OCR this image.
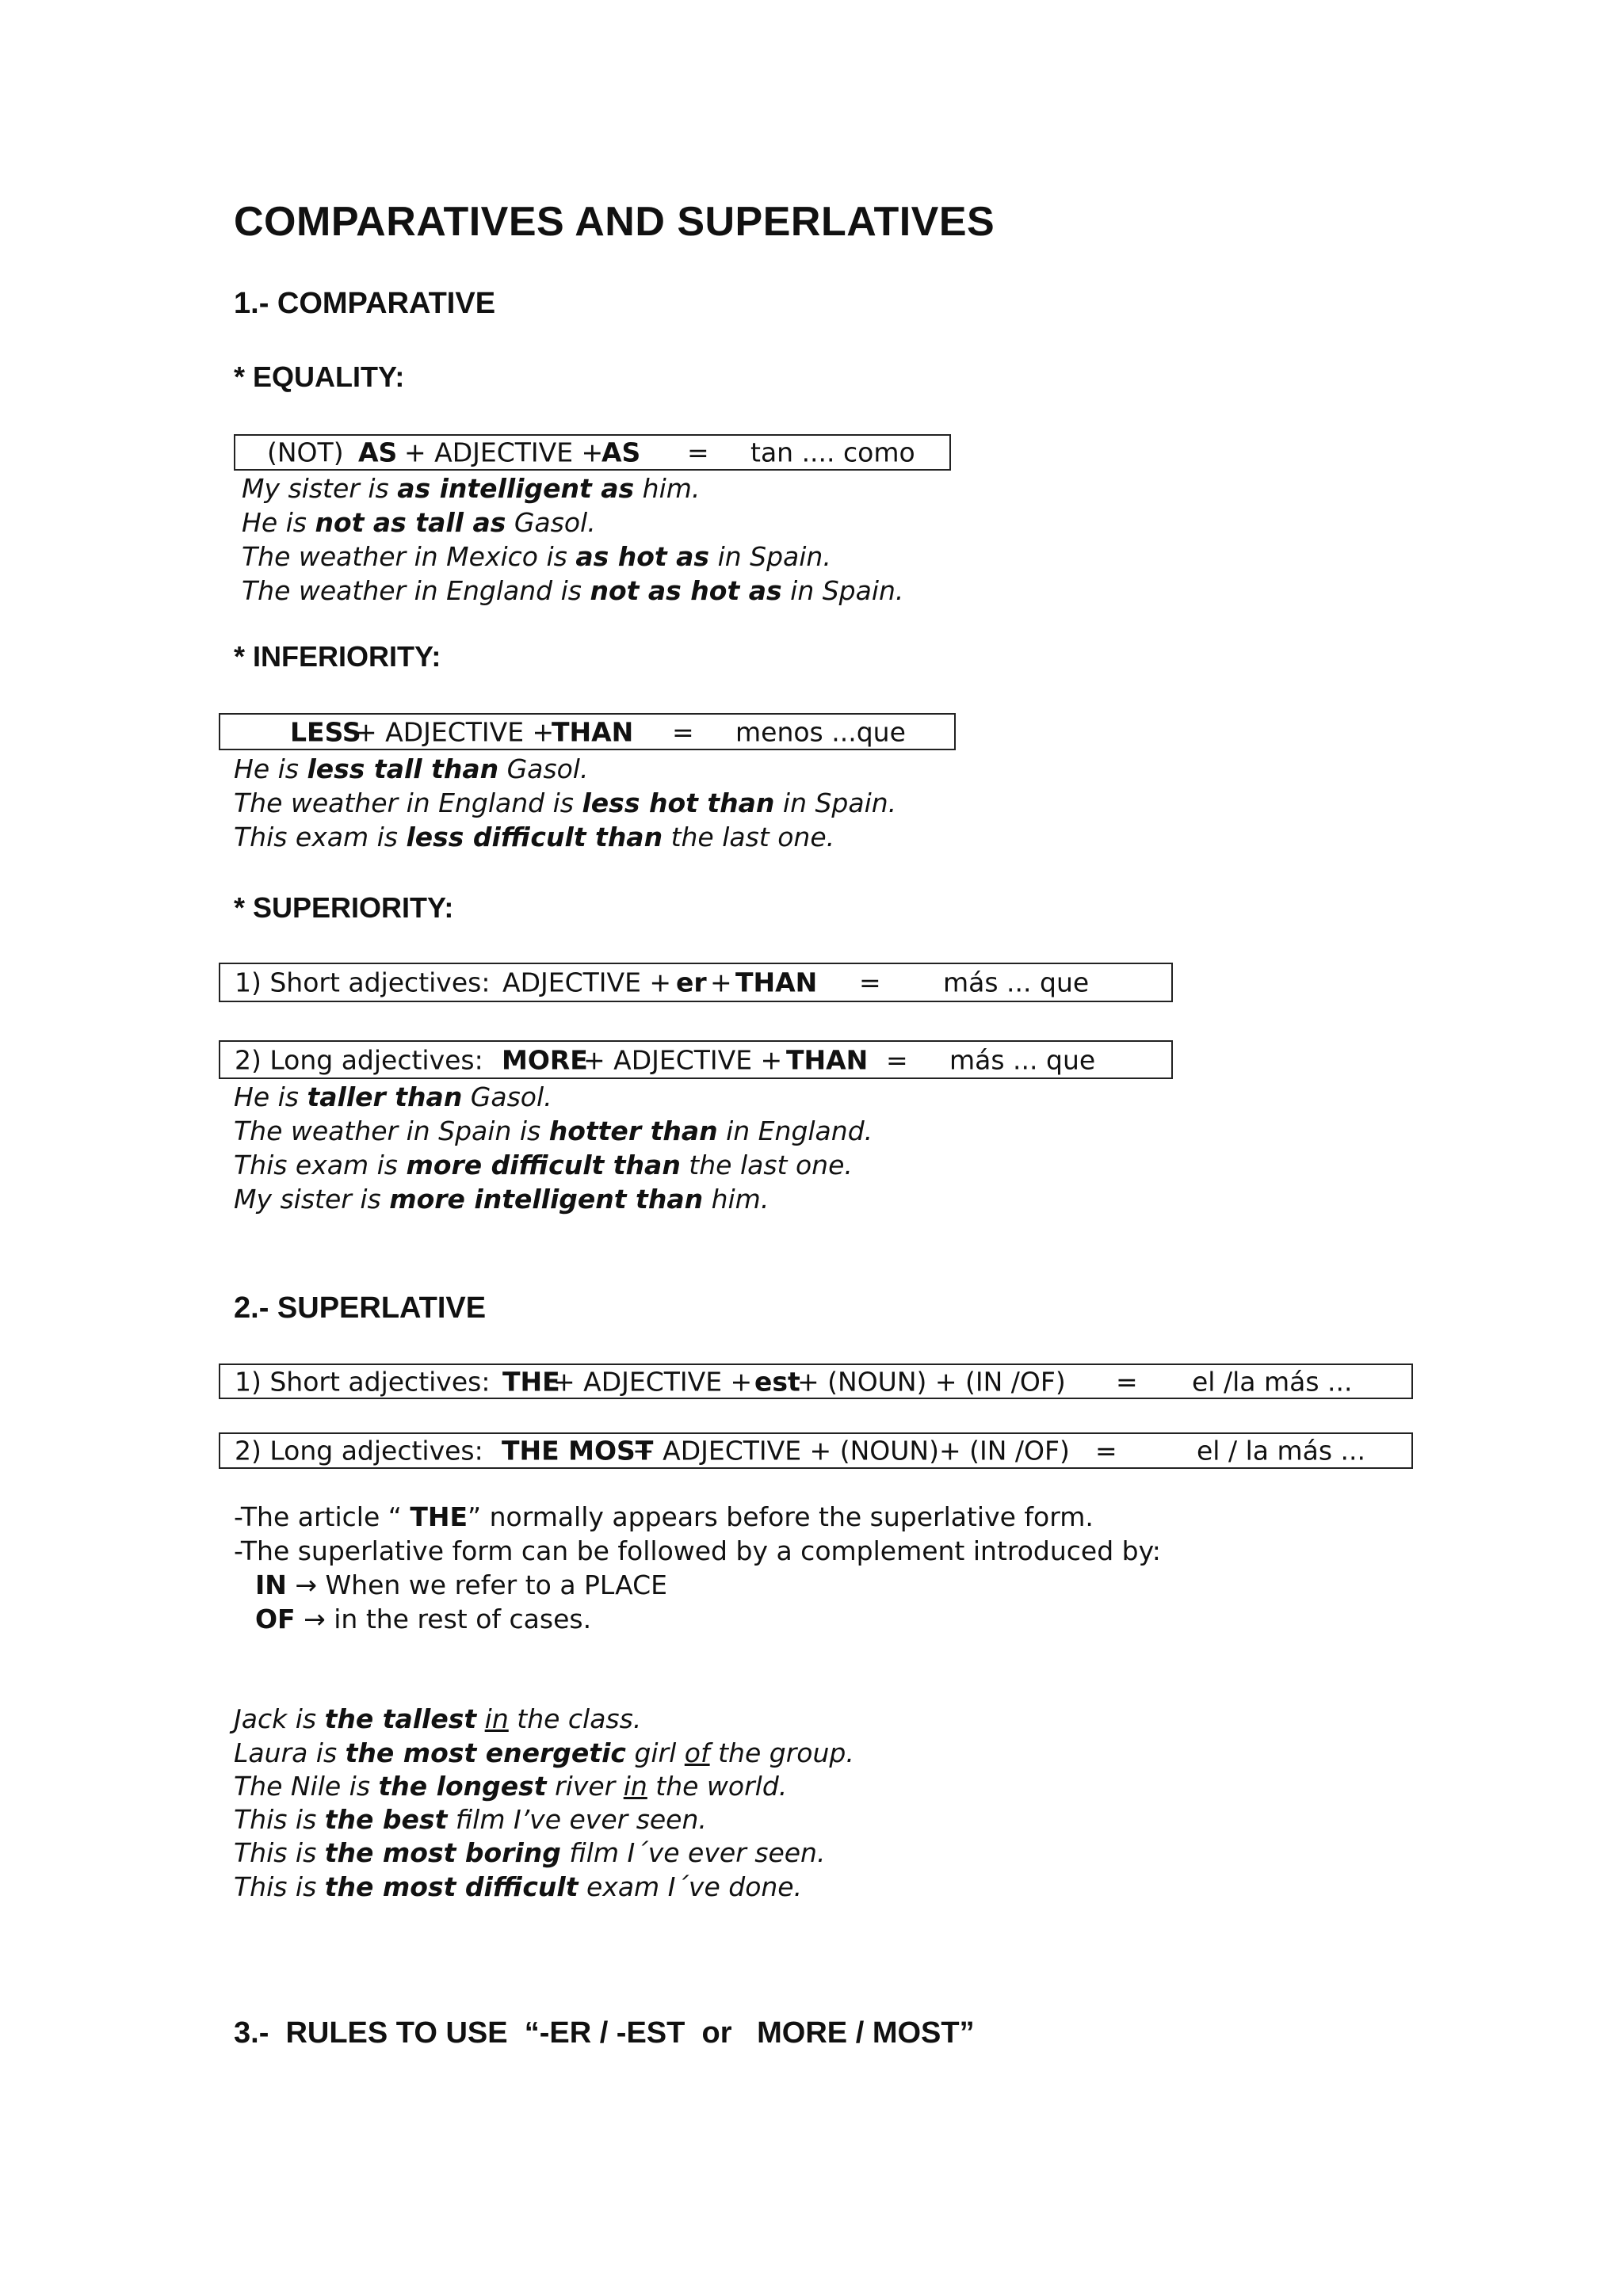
COMPARATIVES AND SUPERLATIVES
1.- COMPARATIVE
* EQUALITY:
(NOT) AS + ADJECTIVE +
AS = tan .... como
My sister is as intelligent as him.
He is not as tall as Gasol.
The weather in Mexico is as hot as in Spain.
The weather in England is not as hot as in Spain.
* INFERIORITY:
LESS
+ ADJECTIVE +
THAN = menos ...que
He is less tall than Gasol.
The weather in England is less hot than in Spain.
This exam is less difficult than the last one.
* SUPERIORITY:
1) Short adjectives: ADJECTIVE + er + THAN = más ... que
2) Long adjectives: MORE
+ ADJECTIVE + THAN = más ... que
He is taller than Gasol.
The weather in Spain is hotter than in England.
This exam is more difficult than the last one.
My sister is more intelligent than him.
2.- SUPERLATIVE
1) Short adjectives: THE
+ ADJECTIVE + est
+ (NOUN) + (IN /OF) = el /la más ...
2) Long adjectives: THE MOST
+ ADJECTIVE + (NOUN)+ (IN /OF) =	el / la más ...
-The article “ THE” normally appears before the superlative form.
-The superlative form can be followed by a complement introduced by:
IN → When we refer to a PLACE
OF → in the rest of cases.
Jack is the tallest in the class.
Laura is the most energetic girl of the group.
The Nile is the longest river in the world.
This is the best film I’ve ever seen.
This is the most boring film I´ve ever seen.
This is the most difficult exam I´ve done.
3.-  RULES TO USE  “-ER / -EST  or   MORE / MOST”
